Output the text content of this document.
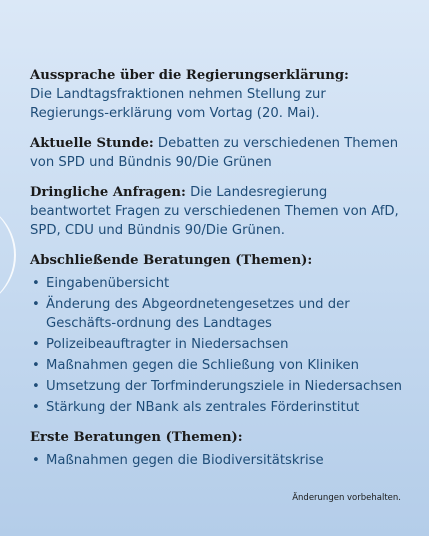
Aussprache über die Regierungserklärung:
Die Landtagsfraktionen nehmen Stellung zur Regierungs-erklärung vom Vortag (20. Mai).
Aktuelle Stunde: Debatten zu verschiedenen Themen von SPD und Bündnis 90/Die Grünen
Dringliche Anfragen: Die Landesregierung beantwortet Fragen zu verschiedenen Themen von AfD, SPD, CDU und Bündnis 90/Die Grünen.
Abschließende Beratungen (Themen):
• Eingabenübersicht
• Änderung des Abgeordnetengesetzes und der Geschäfts-ordnung des Landtages
• Polizeibeauftragter in Niedersachsen
• Maßnahmen gegen die Schließung von Kliniken
• Umsetzung der Torfminderungsziele in Niedersachsen
• Stärkung der NBank als zentrales Förderinstitut
Erste Beratungen (Themen):
• Maßnahmen gegen die Biodiversitätskrise
Änderungen vorbehalten.
